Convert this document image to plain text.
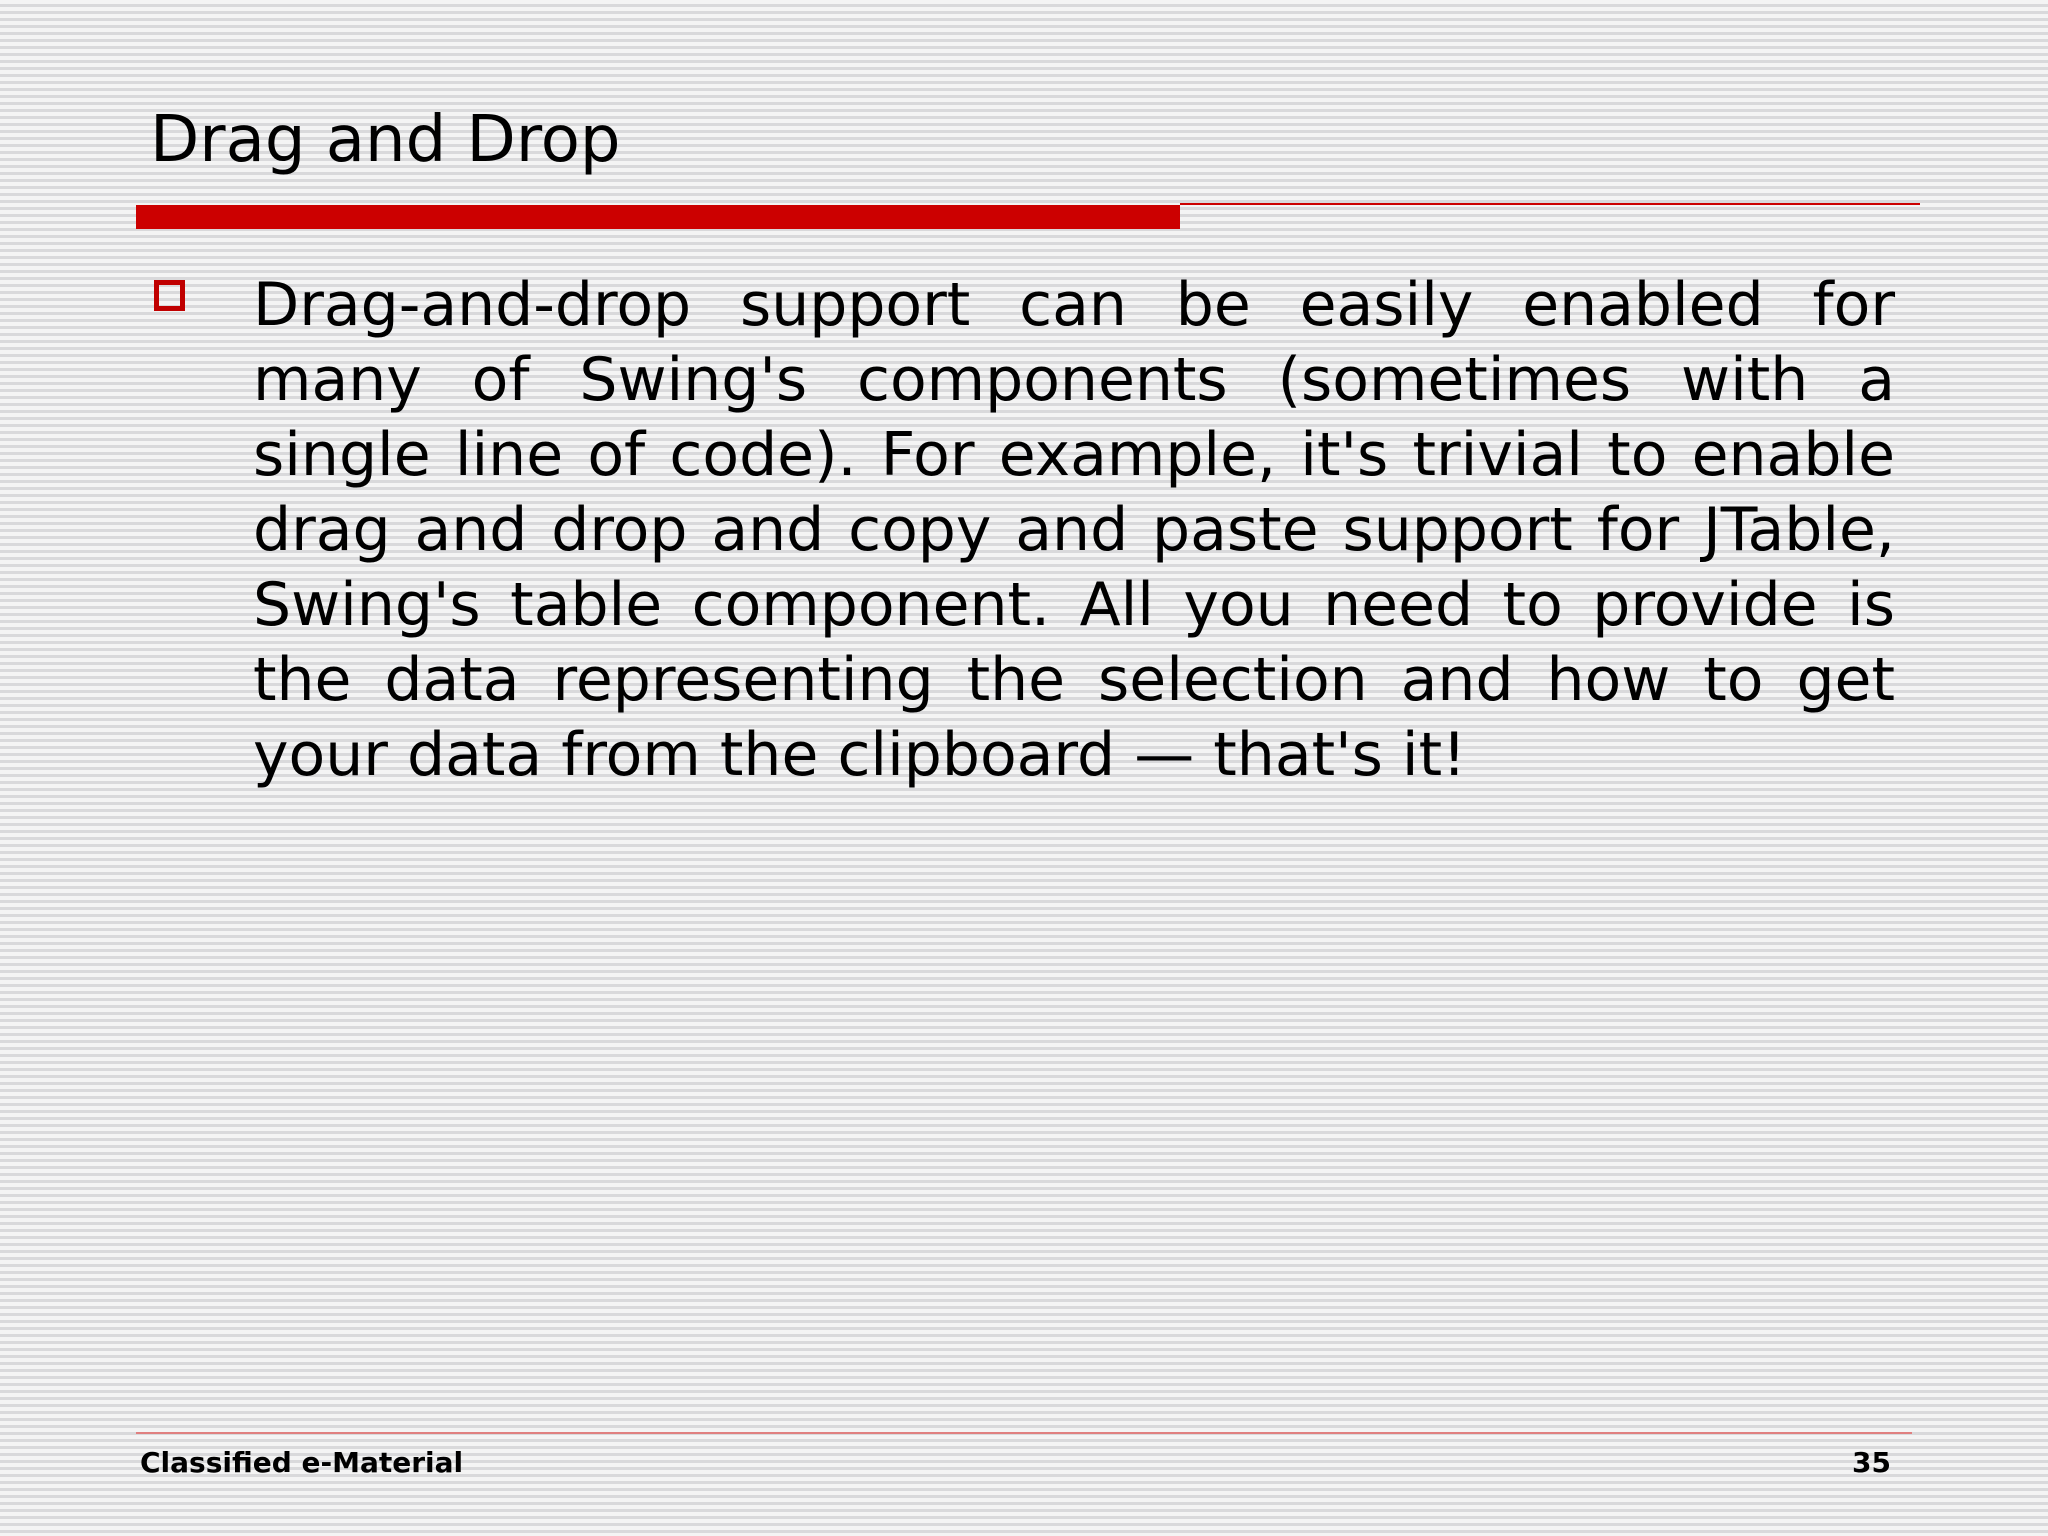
Drag and Drop

Drag-and-drop support can be easily enabled for many of Swing's components (sometimes with a single line of code). For example, it's trivial to enable drag and drop and copy and paste support for JTable, Swing's table component. All you need to provide is the data representing the selection and how to get your data from the clipboard — that's it!

Classified e-Material	35
